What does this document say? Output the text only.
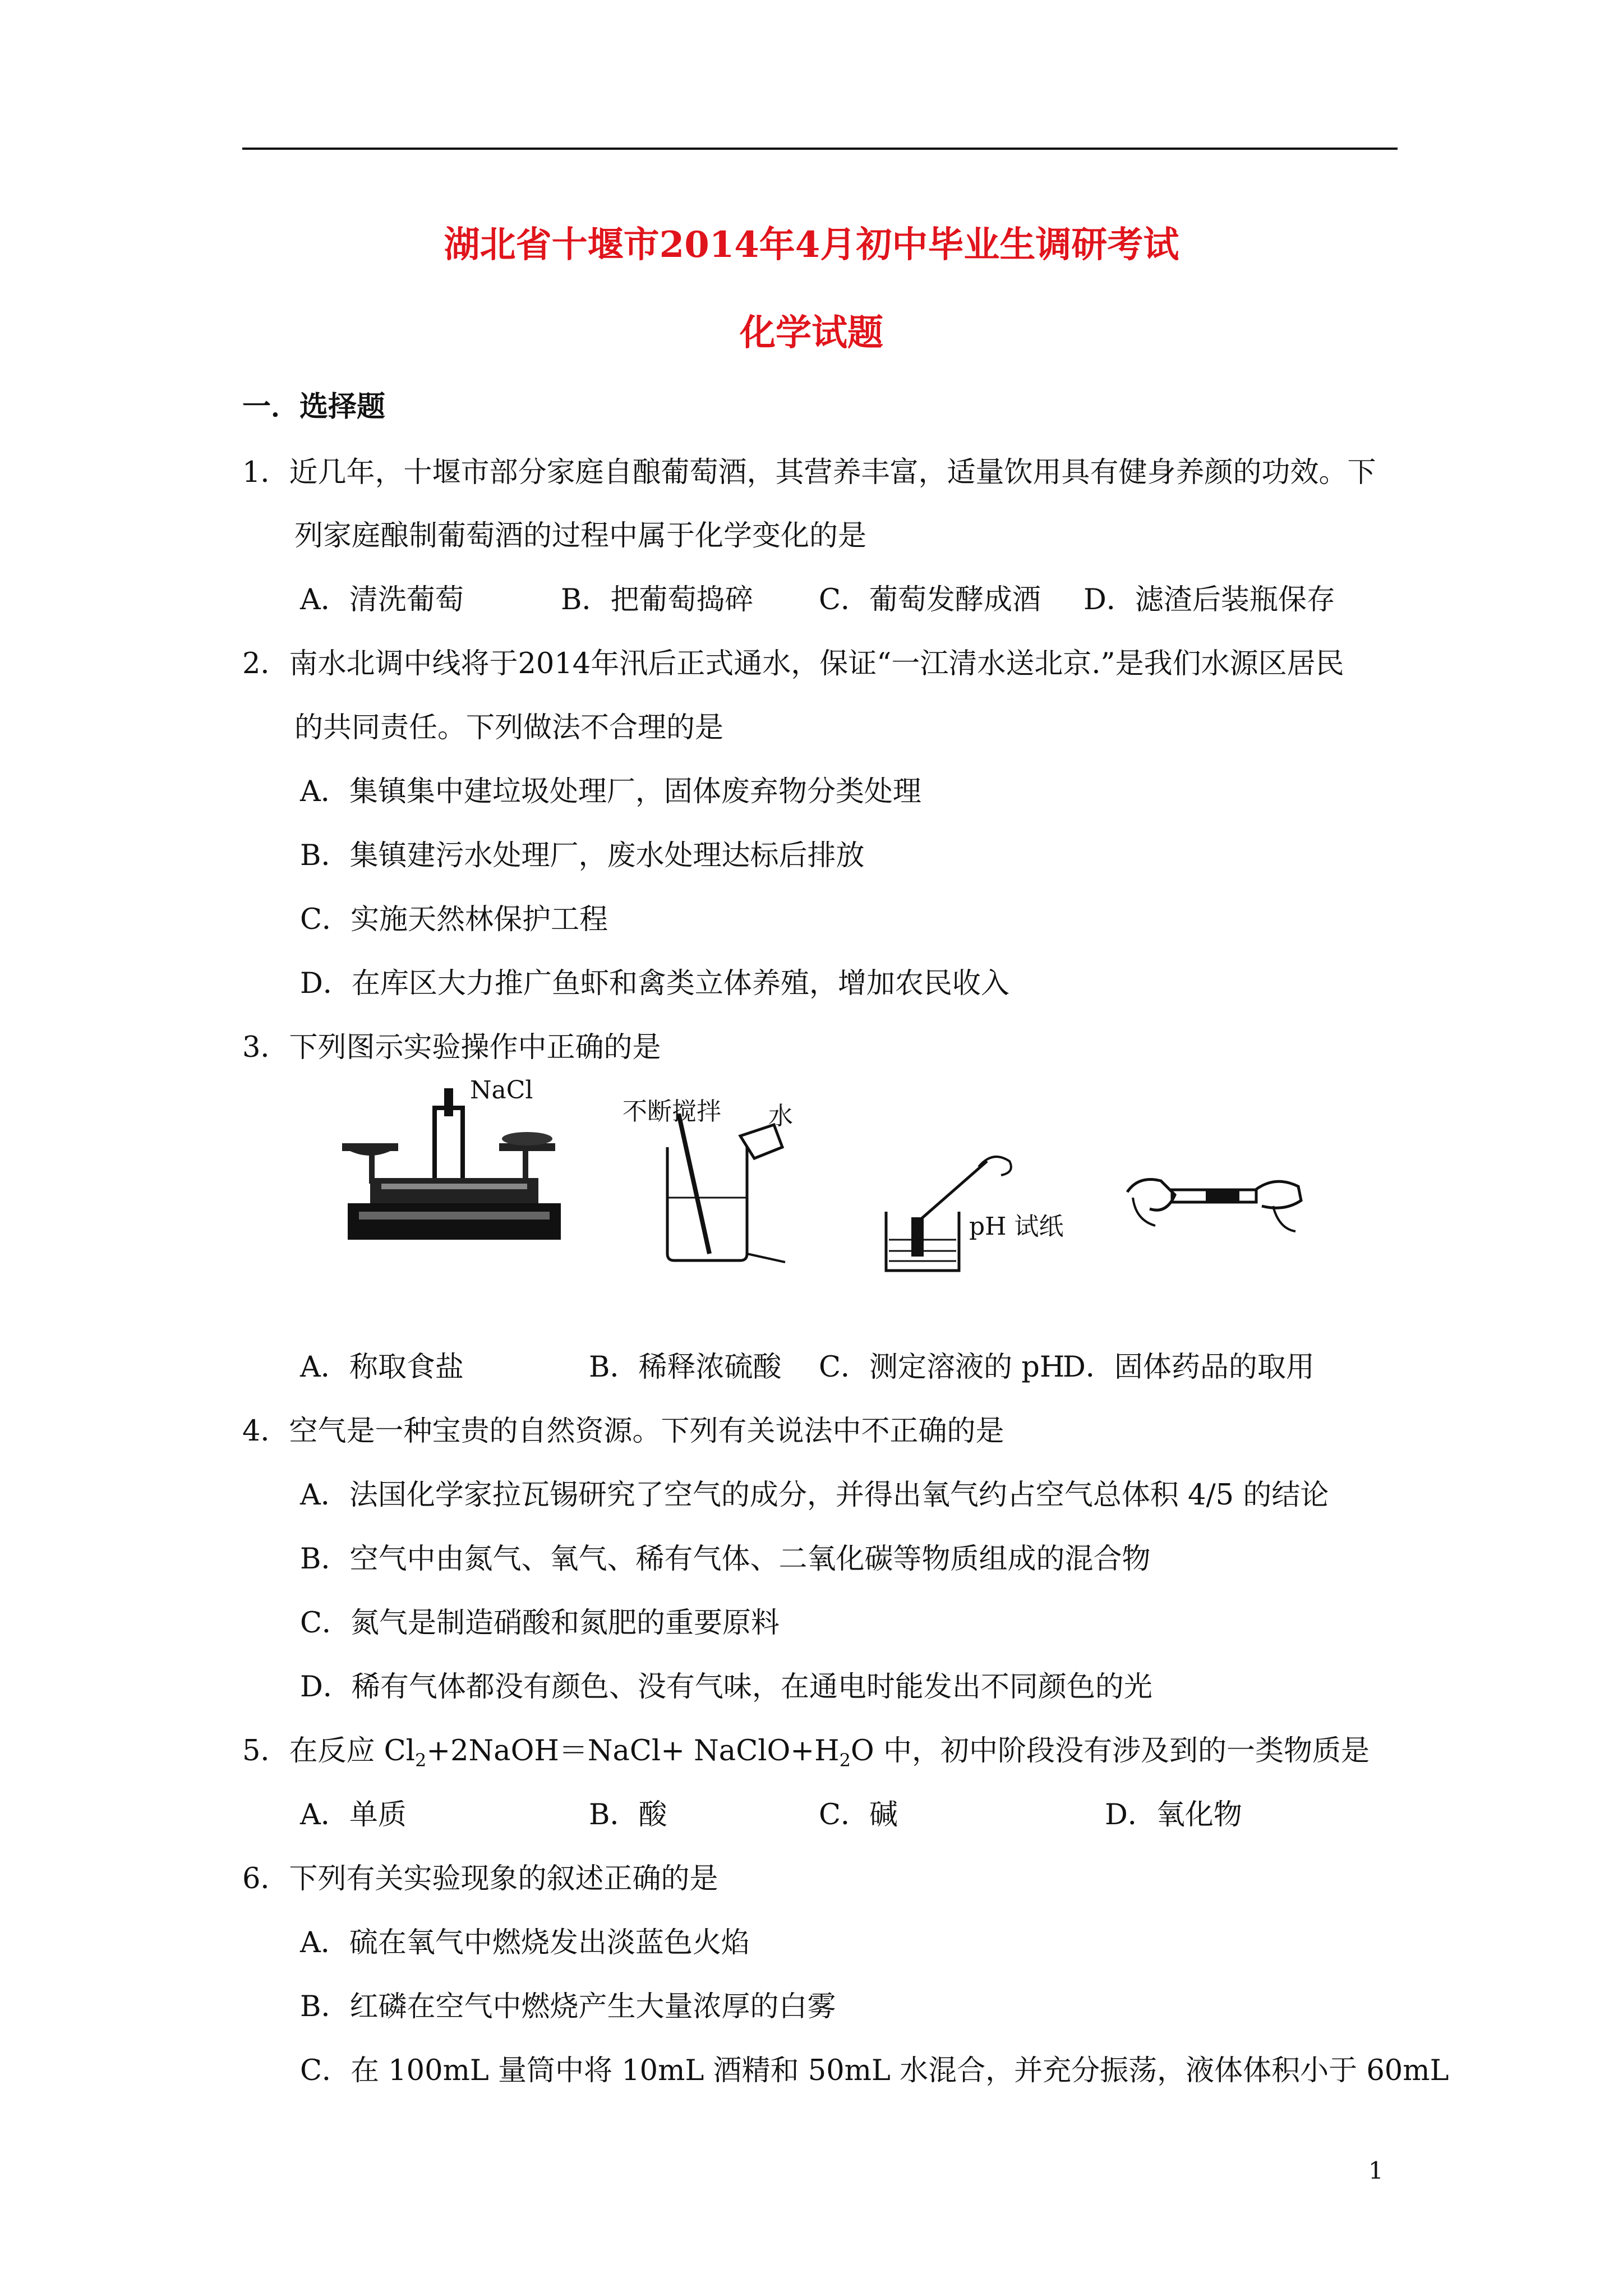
湖北省十堰市2014年4月初中毕业生调研考试
化学试题
一．选择题
1．近几年，十堰市部分家庭自酿葡萄酒，其营养丰富，适量饮用具有健身养颜的功效。下
列家庭酿制葡萄酒的过程中属于化学变化的是
A．清洗葡萄	B．把葡萄捣碎 C．葡萄发酵成酒 D．滤渣后装瓶保存
2．南水北调中线将于2014年汛后正式通水，保证“一江清水送北京.”是我们水源区居民
的共同责任。下列做法不合理的是
A．集镇集中建垃圾处理厂，固体废弃物分类处理
B．集镇建污水处理厂，废水处理达标后排放
C．实施天然林保护工程
D．在库区大力推广鱼虾和禽类立体养殖，增加农民收入
3．下列图示实验操作中正确的是
NaCl
不断搅拌 水
pH 试纸
A．称取食盐	B．稀释浓硫酸 C．测定溶液的 pH
D．固体药品的取用
4．空气是一种宝贵的自然资源。下列有关说法中不正确的是
A．法国化学家拉瓦锡研究了空气的成分，并得出氧气约占空气总体积 4/5 的结论
B．空气中由氮气、氧气、稀有气体、二氧化碳等物质组成的混合物
C．氮气是制造硝酸和氮肥的重要原料
D．稀有气体都没有颜色、没有气味，在通电时能发出不同颜色的光
5．在反应 $Cl_2+2NaOH=NaCl+$ $NaClO+H_2O$ 中，初中阶段没有涉及到的一类物质是
A．单质	B．酸	C．碱	D．氧化物
6．下列有关实验现象的叙述正确的是
A．硫在氧气中燃烧发出淡蓝色火焰
B．红磷在空气中燃烧产生大量浓厚的白雾
C．在 100mL 量筒中将 10mL 酒精和 50mL 水混合，并充分振荡，液体体积小于 60mL
1
